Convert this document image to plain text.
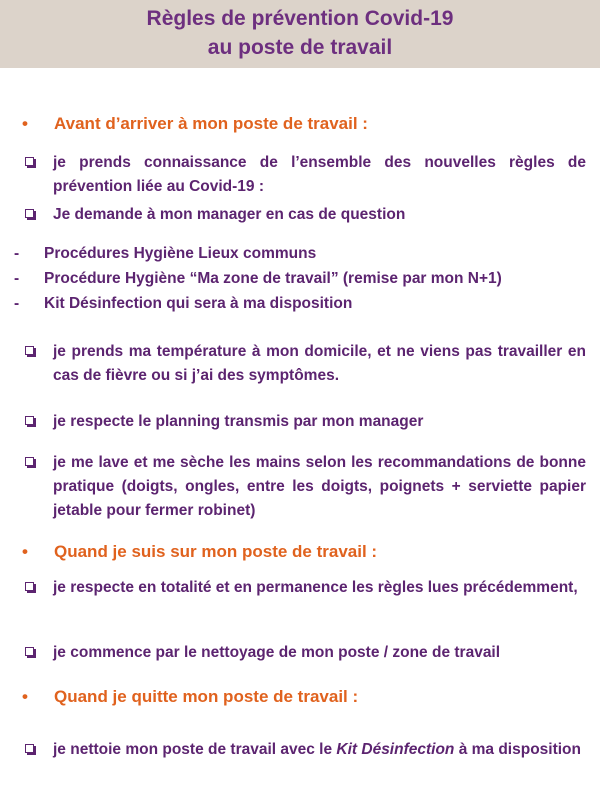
Règles de prévention Covid-19
au poste de travail
• Avant d’arriver à mon poste de travail :
je prends connaissance de l’ensemble des nouvelles règles de prévention liée au Covid-19 :
Je demande à mon manager en cas de question
- Procédures Hygiène Lieux communs
- Procédure Hygiène “Ma zone de travail” (remise par mon N+1)
- Kit Désinfection qui sera à ma disposition
je prends ma température à mon domicile, et ne viens pas travailler en cas de fièvre ou si j’ai des symptômes.
je respecte le planning transmis par mon manager
je me lave et me sèche les mains selon les recommandations de bonne pratique (doigts, ongles, entre les doigts, poignets + serviette papier jetable pour fermer robinet)
• Quand je suis sur mon poste de travail :
je respecte en totalité et en permanence les règles lues précédemment,
je commence par le nettoyage de mon poste / zone de travail
• Quand je quitte mon poste de travail :
je nettoie mon poste de travail avec le Kit Désinfection à ma disposition
